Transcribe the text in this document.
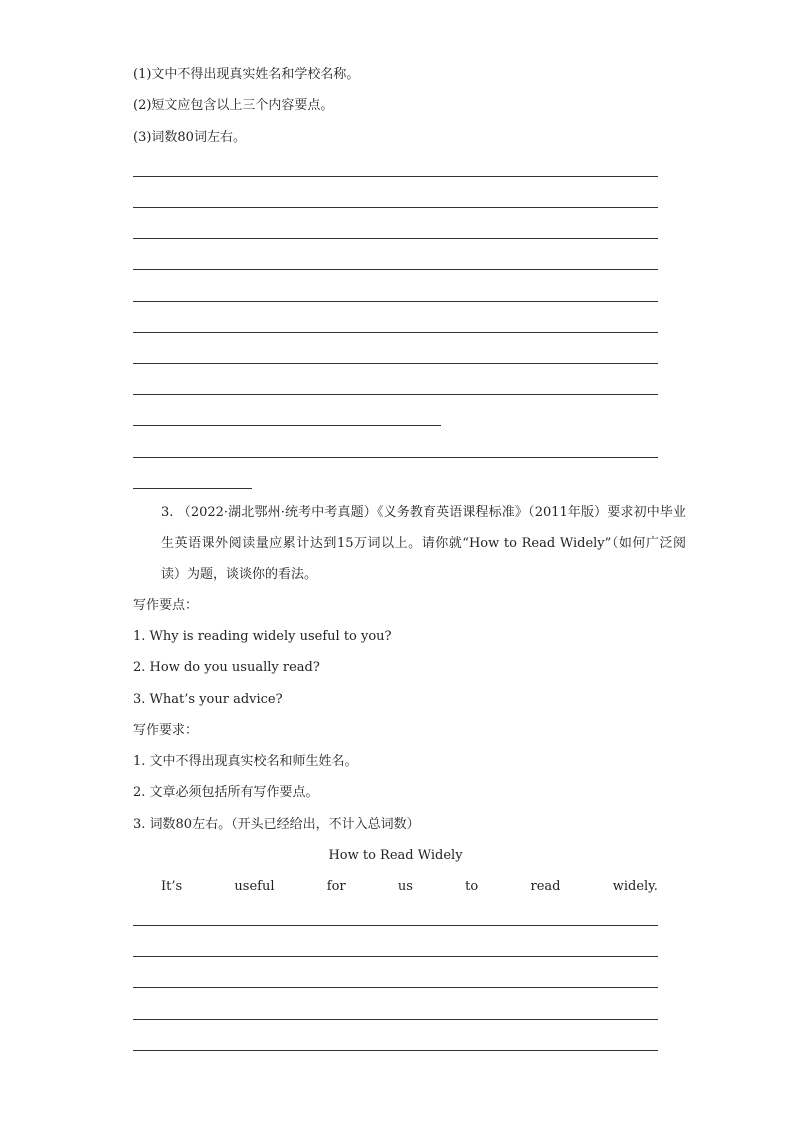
(1)文中不得出现真实姓名和学校名称。
(2)短文应包含以上三个内容要点。
(3)词数80词左右。
3. （2022·湖北鄂州·统考中考真题）《义务教育英语课程标准》（2011年版）要求初中毕业生英语课外阅读量应累计达到15万词以上。请你就“How to Read Widely”（如何广泛阅读）为题，谈谈你的看法。
写作要点：
1. Why is reading widely useful to you?
2. How do you usually read?
3. What’s your advice?
写作要求：
1. 文中不得出现真实校名和师生姓名。
2. 文章必须包括所有写作要点。
3. 词数80左右。（开头已经给出，不计入总词数）
How to Read Widely
It’s	useful	for	us	to	read	widely.
